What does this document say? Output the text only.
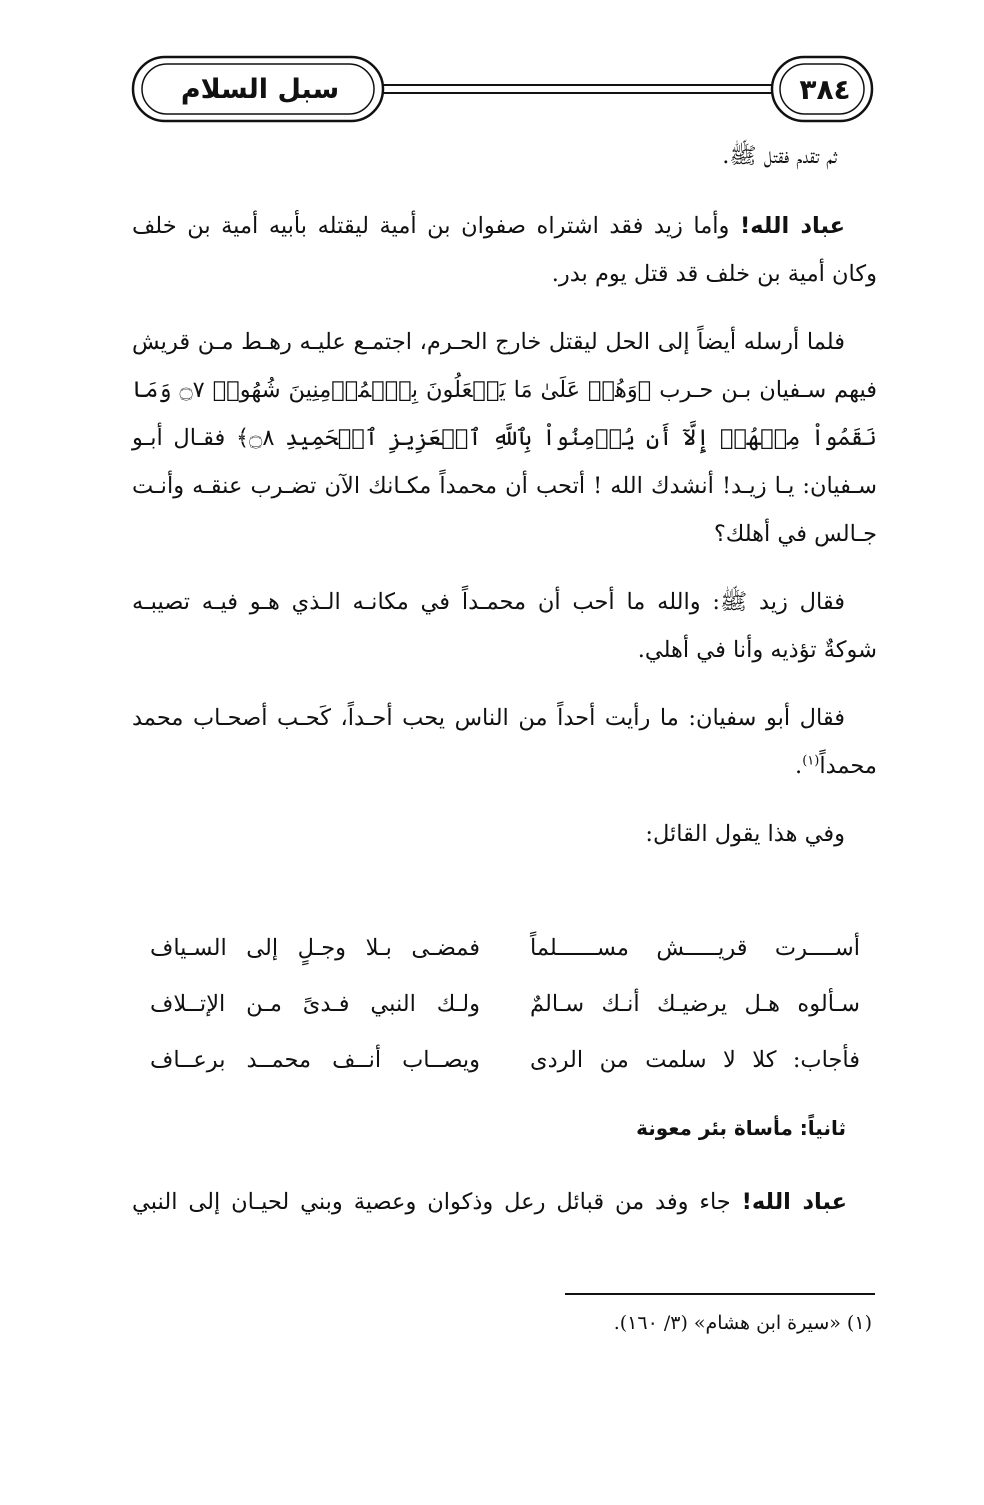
سبل السلام	٣٨٤

ثم تقدم فقتل ﷺ.

عباد الله! وأما زيد فقد اشتراه صفوان بن أمية ليقتله بأبيه أمية بن خلف وكان أمية بن خلف قد قتل يوم بدر.

فلما أرسله أيضاً إلى الحل ليقتل خارج الحـرم، اجتمـع عليـه رهـط مـن قريش فيهم سـفيان بـن حـرب ﴿وَهُمۡ عَلَىٰ مَا يَفۡعَلُونَ بِٱلۡمُؤۡمِنِينَ شُهُودٞ ۝٧ وَمَا نَقَمُواْ مِنۡهُمۡ إِلَّآ أَن يُؤۡمِنُواْ بِٱللَّهِ ٱلۡعَزِيزِ ٱلۡحَمِيدِ ۝٨﴾ فقـال أبـو سـفيان: يـا زيـد! أنشدك الله ! أتحب أن محمداً مكـانك الآن تضـرب عنقـه وأنـت جـالس في أهلك؟

فقال زيد ﷺ: والله ما أحب أن محمـداً في مكانـه الـذي هـو فيـه تصيبـه شوكةٌ تؤذيه وأنا في أهلي.

فقال أبو سفيان: ما رأيت أحداً من الناس يحب أحـداً، كَحـب أصحـاب محمد محمداً$^{(١)}$.

وفي هذا يقول القائل:

أســــرت قريـــــش مســــــلماً
فمضـى بـلا وجـلٍ إلى السـياف
سـألوه هـل يرضيـك أنـك سـالمٌ
ولـك النبي فـدىً مـن الإتــلاف
فأجاب: كلا لا سلمت من الردى
ويصــاب أنــف محمــد برعــاف
ثانياً: مأساة بئر معونة
عباد الله! جاء وفد من قبائل رعل وذكوان وعصية وبني لحيـان إلى النبي
(١) «سيرة ابن هشام» (٣/ ١٦٠).
